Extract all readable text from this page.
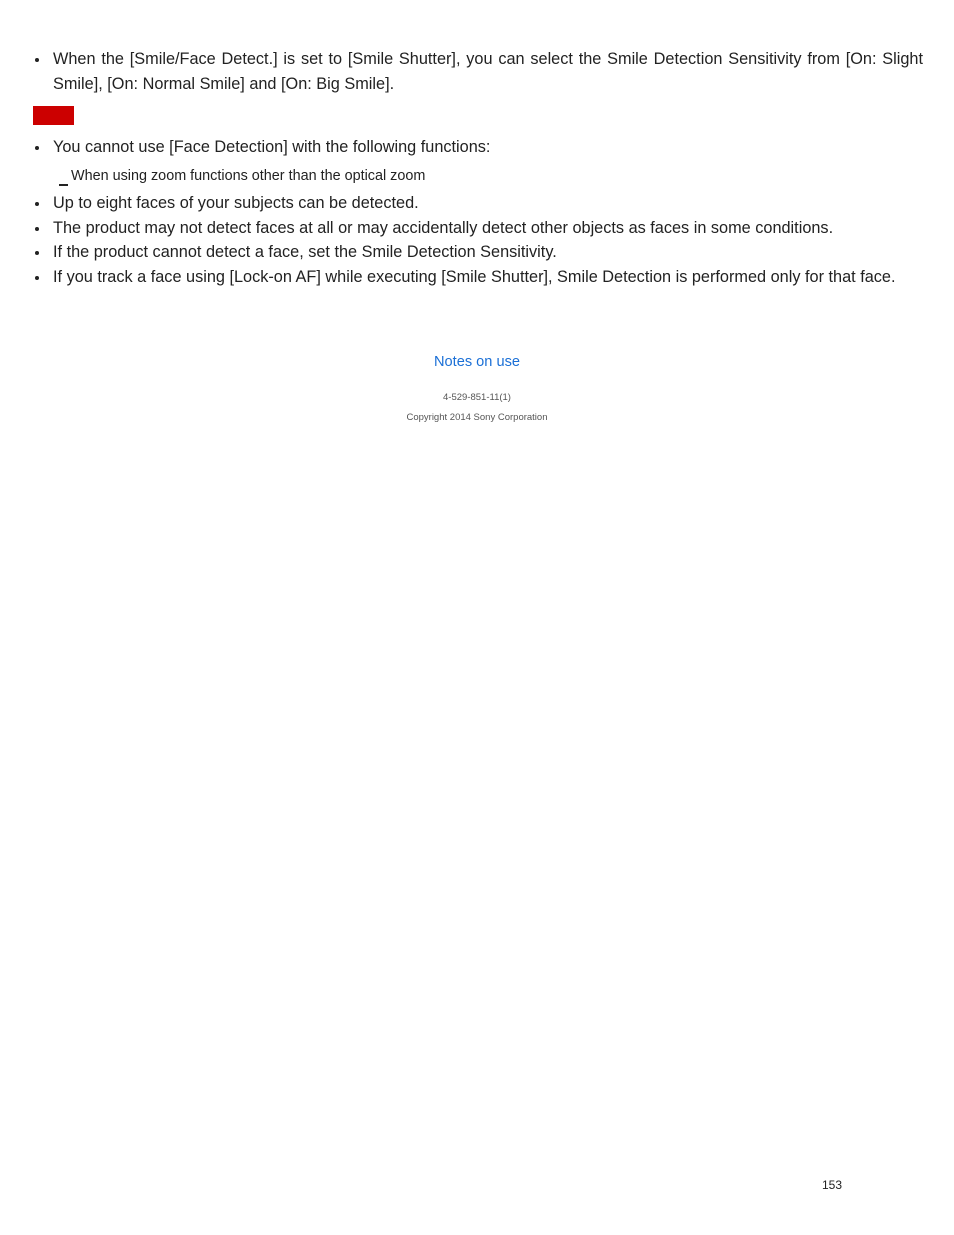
When the [Smile/Face Detect.] is set to [Smile Shutter], you can select the Smile Detection Sensitivity from [On: Slight Smile], [On: Normal Smile] and [On: Big Smile].
You cannot use [Face Detection] with the following functions:
When using zoom functions other than the optical zoom
Up to eight faces of your subjects can be detected.
The product may not detect faces at all or may accidentally detect other objects as faces in some conditions.
If the product cannot detect a face, set the Smile Detection Sensitivity.
If you track a face using [Lock-on AF] while executing [Smile Shutter], Smile Detection is performed only for that face.
Notes on use
4-529-851-11(1)
Copyright 2014 Sony Corporation
153
